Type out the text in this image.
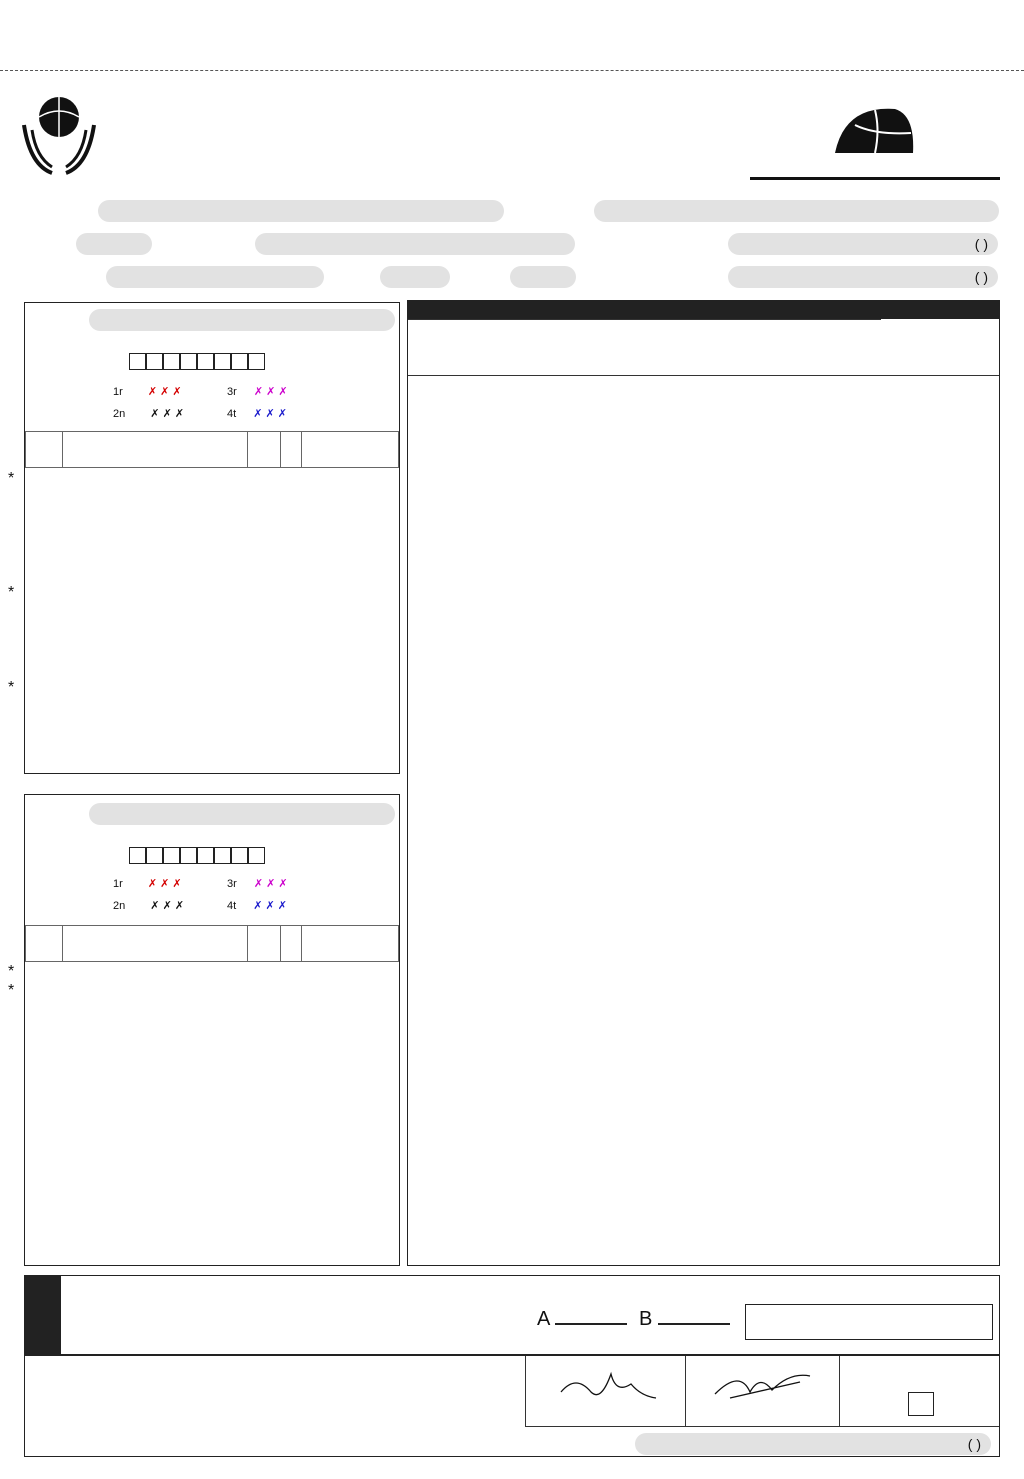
( )
( )
1r ✗ ✗ ✗
2n ✗ ✗ ✗
3r ✗ ✗ ✗
4t ✗ ✗ ✗

*
*
*
1r ✗ ✗ ✗
2n ✗ ✗ ✗
3r ✗ ✗ ✗
4t ✗ ✗ ✗

*
*
A	B
( )
